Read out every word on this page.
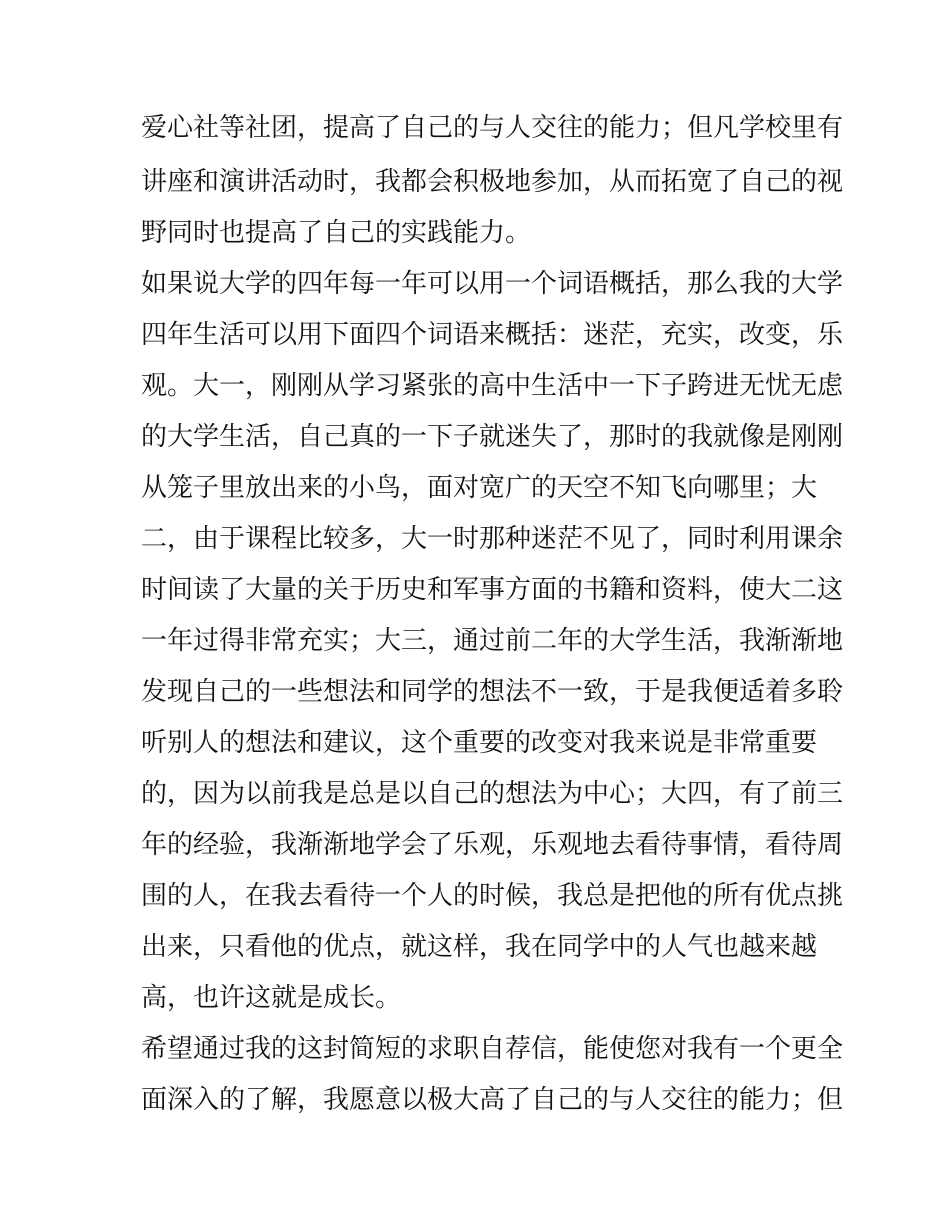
爱心社等社团，提高了自己的与人交往的能力；但凡学校里有
讲座和演讲活动时，我都会积极地参加，从而拓宽了自己的视
野同时也提高了自己的实践能力。
如果说大学的四年每一年可以用一个词语概括，那么我的大学
四年生活可以用下面四个词语来概括：迷茫，充实，改变，乐
观。大一，刚刚从学习紧张的高中生活中一下子跨进无忧无虑
的大学生活，自己真的一下子就迷失了，那时的我就像是刚刚
从笼子里放出来的小鸟，面对宽广的天空不知飞向哪里；大
二，由于课程比较多，大一时那种迷茫不见了，同时利用课余
时间读了大量的关于历史和军事方面的书籍和资料，使大二这
一年过得非常充实；大三，通过前二年的大学生活，我渐渐地
发现自己的一些想法和同学的想法不一致，于是我便适着多聆
听别人的想法和建议，这个重要的改变对我来说是非常重要
的，因为以前我是总是以自己的想法为中心；大四，有了前三
年的经验，我渐渐地学会了乐观，乐观地去看待事情，看待周
围的人，在我去看待一个人的时候，我总是把他的所有优点挑
出来，只看他的优点，就这样，我在同学中的人气也越来越
高，也许这就是成长。
希望通过我的这封简短的求职自荐信，能使您对我有一个更全
面深入的了解，我愿意以极大高了自己的与人交往的能力；但
